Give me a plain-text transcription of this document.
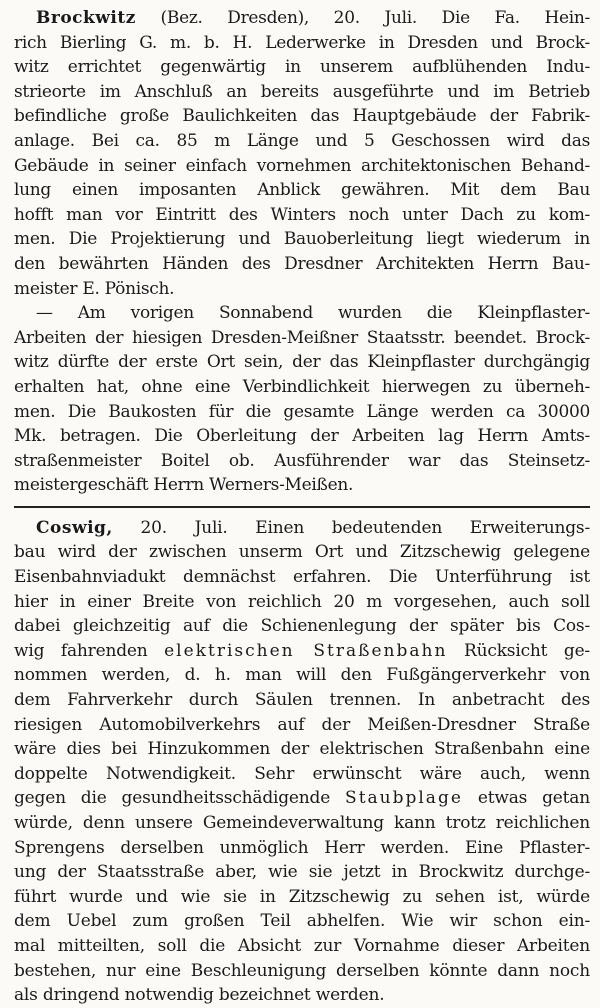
Brockwitz (Bez. Dresden), 20. Juli. Die Fa. Hein-
rich Bierling G. m. b. H. Lederwerke in Dresden und Brock-
witz errichtet gegenwärtig in unserem aufblühenden Indu-
strieorte im Anschluß an bereits ausgeführte und im Betrieb
befindliche große Baulichkeiten das Hauptgebäude der Fabrik-
anlage. Bei ca. 85 m Länge und 5 Geschossen wird das
Gebäude in seiner einfach vornehmen architektonischen Behand-
lung einen imposanten Anblick gewähren. Mit dem Bau
hofft man vor Eintritt des Winters noch unter Dach zu kom-
men. Die Projektierung und Bauoberleitung liegt wiederum in
den bewährten Händen des Dresdner Architekten Herrn Bau-
meister E. Pönisch.
— Am vorigen Sonnabend wurden die Kleinpflaster-
Arbeiten der hiesigen Dresden-Meißner Staatsstr. beendet. Brock-
witz dürfte der erste Ort sein, der das Kleinpflaster durchgängig
erhalten hat, ohne eine Verbindlichkeit hierwegen zu überneh-
men. Die Baukosten für die gesamte Länge werden ca 30000
Mk. betragen. Die Oberleitung der Arbeiten lag Herrn Amts-
straßenmeister Boitel ob. Ausführender war das Steinsetz-
meistergeschäft Herrn Werners-Meißen.
Coswig, 20. Juli. Einen bedeutenden Erweiterungs-
bau wird der zwischen unserm Ort und Zitzschewig gelegene
Eisenbahnviadukt demnächst erfahren. Die Unterführung ist
hier in einer Breite von reichlich 20 m vorgesehen, auch soll
dabei gleichzeitig auf die Schienenlegung der später bis Cos-
wig fahrenden elektrischen Straßenbahn Rücksicht ge-
nommen werden, d. h. man will den Fußgängerverkehr von
dem Fahrverkehr durch Säulen trennen. In anbetracht des
riesigen Automobilverkehrs auf der Meißen-Dresdner Straße
wäre dies bei Hinzukommen der elektrischen Straßenbahn eine
doppelte Notwendigkeit. Sehr erwünscht wäre auch, wenn
gegen die gesundheitsschädigende Staubplage etwas getan
würde, denn unsere Gemeindeverwaltung kann trotz reichlichen
Sprengens derselben unmöglich Herr werden. Eine Pflaster-
ung der Staatsstraße aber, wie sie jetzt in Brockwitz durchge-
führt wurde und wie sie in Zitzschewig zu sehen ist, würde
dem Uebel zum großen Teil abhelfen. Wie wir schon ein-
mal mitteilten, soll die Absicht zur Vornahme dieser Arbeiten
bestehen, nur eine Beschleunigung derselben könnte dann noch
als dringend notwendig bezeichnet werden.
